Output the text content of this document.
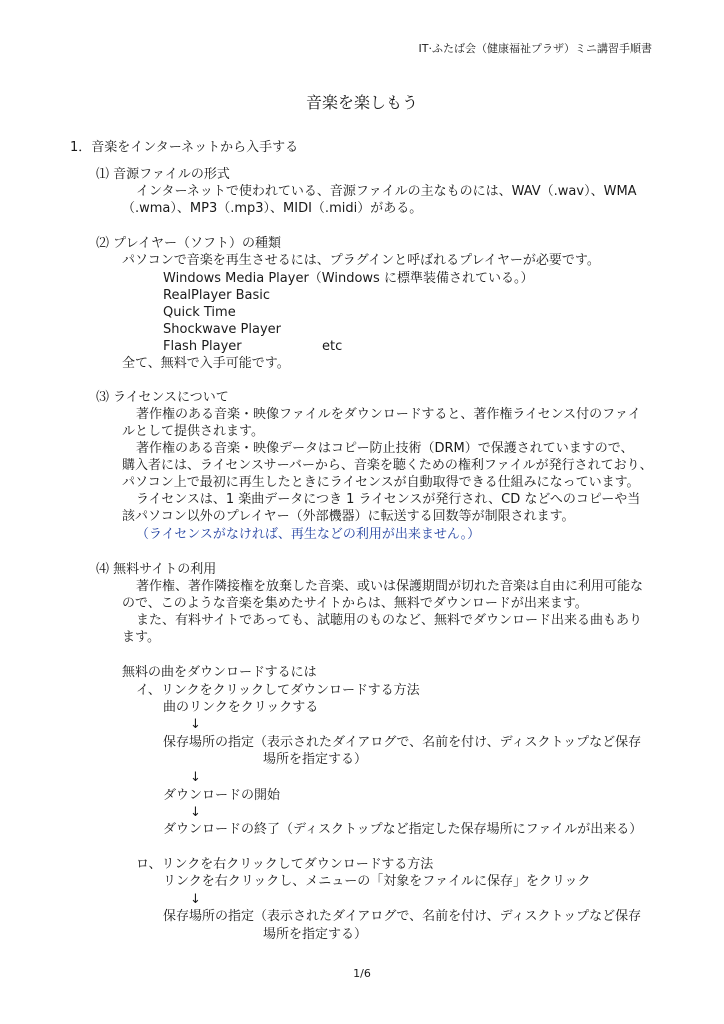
IT·ふたば会（健康福祉プラザ）ミニ講習手順書
音楽を楽しもう
1．音楽をインターネットから入手する
⑴ 音源ファイルの形式
インターネットで使われている、音源ファイルの主なものには、WAV（.wav）、WMA
（.wma）、MP3（.mp3）、MIDI（.midi）がある。
⑵ プレイヤー（ソフト）の種類
パソコンで音楽を再生させるには、プラグインと呼ばれるプレイヤーが必要です。
Windows Media Player（Windows に標準装備されている。）
RealPlayer Basic
Quick Time
Shockwave Player
Flash Player	etc
全て、無料で入手可能です。
⑶ ライセンスについて
著作権のある音楽・映像ファイルをダウンロードすると、著作権ライセンス付のファイ
ルとして提供されます。
著作権のある音楽・映像データはコピー防止技術（DRM）で保護されていますので、
購入者には、ライセンスサーバーから、音楽を聴くための権利ファイルが発行されており、
パソコン上で最初に再生したときにライセンスが自動取得できる仕組みになっています。
ライセンスは、1 楽曲データにつき 1 ライセンスが発行され、CD などへのコピーや当
該パソコン以外のプレイヤー（外部機器）に転送する回数等が制限されます。
（ライセンスがなければ、再生などの利用が出来ません。）
⑷ 無料サイトの利用
著作権、著作隣接権を放棄した音楽、或いは保護期間が切れた音楽は自由に利用可能な
ので、このような音楽を集めたサイトからは、無料でダウンロードが出来ます。
また、有料サイトであっても、試聴用のものなど、無料でダウンロード出来る曲もあり
ます。
無料の曲をダウンロードするには
イ、リンクをクリックしてダウンロードする方法
曲のリンクをクリックする
↓
保存場所の指定（表示されたダイアログで、名前を付け、ディスクトップなど保存
場所を指定する）
↓
ダウンロードの開始
↓
ダウンロードの終了（ディスクトップなど指定した保存場所にファイルが出来る）
ロ、リンクを右クリックしてダウンロードする方法
リンクを右クリックし、メニューの「対象をファイルに保存」をクリック
↓
保存場所の指定（表示されたダイアログで、名前を付け、ディスクトップなど保存
場所を指定する）
1/6
